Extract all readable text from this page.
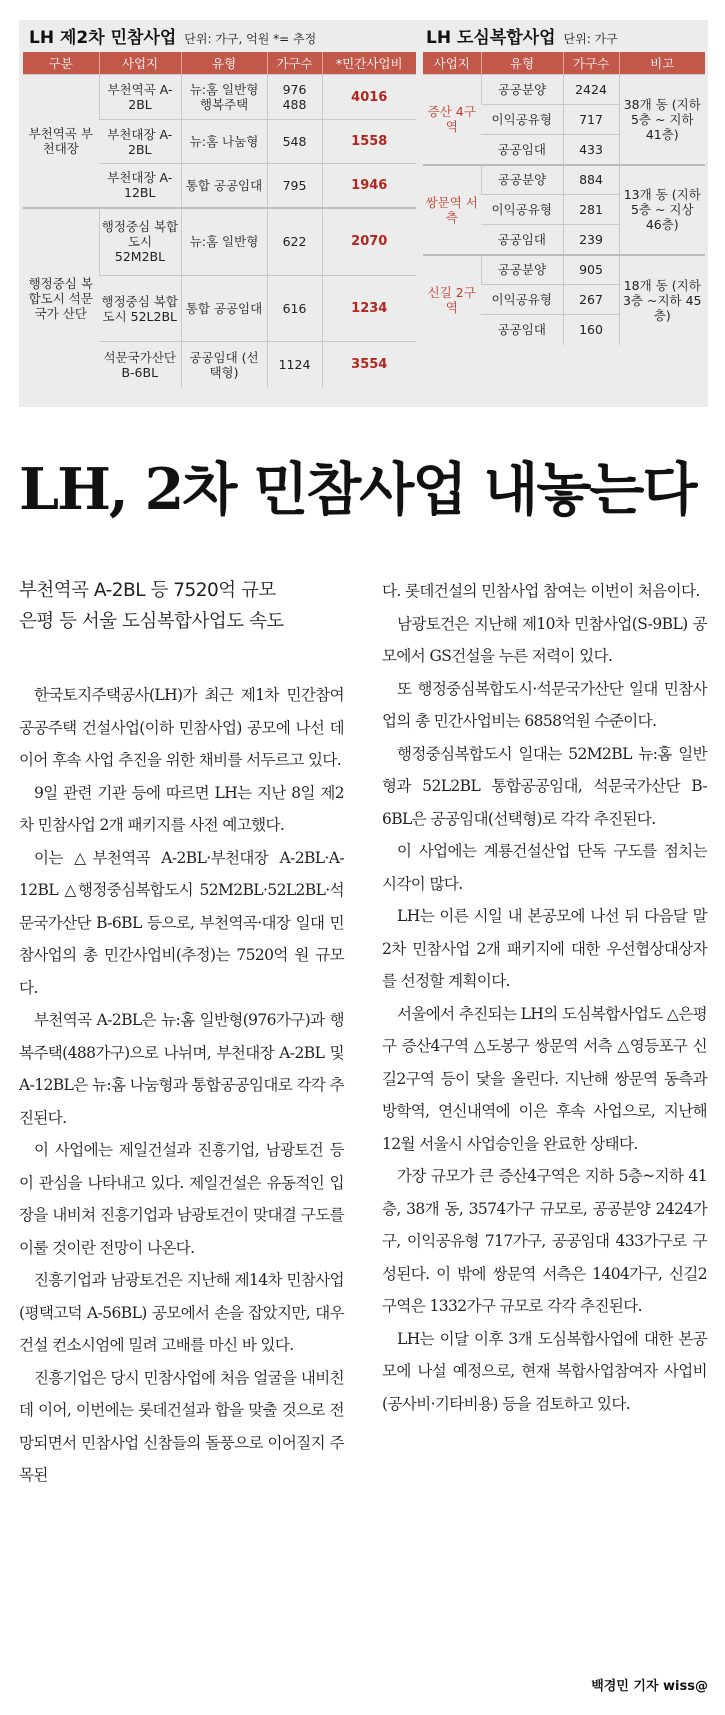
LH 제2차 민참사업 단위: 가구, 억원 *= 추정
구분	사업지	유형	가구수	*민간사업비
부천역곡 부천대장	부천역곡 A-2BL	뉴:홈 일반형 행복주택	976 488	4016
	부천대장 A-2BL	뉴:홈 나눔형	548	1558
	부천대장 A-12BL	통합 공공임대	795	1946
행정중심 복합도시 석문국가 산단	행정중심 복합도시 52M2BL	뉴:홈 일반형	622	2070
	행정중심 복합도시 52L2BL	통합 공공임대	616	1234
	석문국가산단 B-6BL	공공임대 (선택형)	1124	3554
LH 도심복합사업 단위: 가구
사업지	유형	가구수	비고
증산 4구역	공공분양	2424	38개 동 (지하 5층 ~ 지하 41층)
	이익공유형	717	
	공공임대	433	
쌍문역 서측	공공분양	884	13개 동 (지하 5층 ~ 지상 46층)
	이익공유형	281	
	공공임대	239	
신길 2구역	공공분양	905	18개 동 (지하 3층 ~지하 45층)
	이익공유형	267	
	공공임대	160	
LH, 2차 민참사업 내놓는다
부천역곡 A-2BL 등 7520억 규모
은평 등 서울 도심복합사업도 속도

한국토지주택공사(LH)가 최근 제1차 민간참여 공공주택 건설사업(이하 민참사업) 공모에 나선 데 이어 후속 사업 추진을 위한 채비를 서두르고 있다.

9일 관련 기관 등에 따르면 LH는 지난 8일 제2차 민참사업 2개 패키지를 사전 예고했다.

이는 △부천역곡 A-2BL·부천대장 A-2BL·A-12BL △행정중심복합도시 52M2BL·52L2BL·석문국가산단 B-6BL 등으로, 부천역곡·대장 일대 민참사업의 총 민간사업비(추정)는 7520억 원 규모다.

부천역곡 A-2BL은 뉴:홈 일반형(976가구)과 행복주택(488가구)으로 나뉘며, 부천대장 A-2BL 및 A-12BL은 뉴:홈 나눔형과 통합공공임대로 각각 추진된다.

이 사업에는 제일건설과 진흥기업, 남광토건 등이 관심을 나타내고 있다. 제일건설은 유동적인 입장을 내비쳐 진흥기업과 남광토건이 맞대결 구도를 이룰 것이란 전망이 나온다.

진흥기업과 남광토건은 지난해 제14차 민참사업(평택고덕 A-56BL) 공모에서 손을 잡았지만, 대우건설 컨소시엄에 밀려 고배를 마신 바 있다.

진흥기업은 당시 민참사업에 처음 얼굴을 내비친 데 이어, 이번에는 롯데건설과 합을 맞출 것으로 전망되면서 민참사업 신참들의 돌풍으로 이어질지 주목된

다. 롯데건설의 민참사업 참여는 이번이 처음이다.

남광토건은 지난해 제10차 민참사업(S-9BL) 공모에서 GS건설을 누른 저력이 있다.

또 행정중심복합도시·석문국가산단 일대 민참사업의 총 민간사업비는 6858억원 수준이다.

행정중심복합도시 일대는 52M2BL 뉴:홈 일반형과 52L2BL 통합공공임대, 석문국가산단 B-6BL은 공공임대(선택형)로 각각 추진된다.

이 사업에는 계룡건설산업 단독 구도를 점치는 시각이 많다.

LH는 이른 시일 내 본공모에 나선 뒤 다음달 말 2차 민참사업 2개 패키지에 대한 우선협상대상자를 선정할 계획이다.

서울에서 추진되는 LH의 도심복합사업도 △은평구 증산4구역 △도봉구 쌍문역 서측 △영등포구 신길2구역 등이 닻을 올린다. 지난해 쌍문역 동측과 방학역, 연신내역에 이은 후속 사업으로, 지난해 12월 서울시 사업승인을 완료한 상태다.

가장 규모가 큰 증산4구역은 지하 5층~지하 41층, 38개 동, 3574가구 규모로, 공공분양 2424가구, 이익공유형 717가구, 공공임대 433가구로 구성된다. 이 밖에 쌍문역 서측은 1404가구, 신길2구역은 1332가구 규모로 각각 추진된다.

LH는 이달 이후 3개 도심복합사업에 대한 본공모에 나설 예정으로, 현재 복합사업참여자 사업비(공사비·기타비용) 등을 검토하고 있다.

백경민 기자 wiss@
